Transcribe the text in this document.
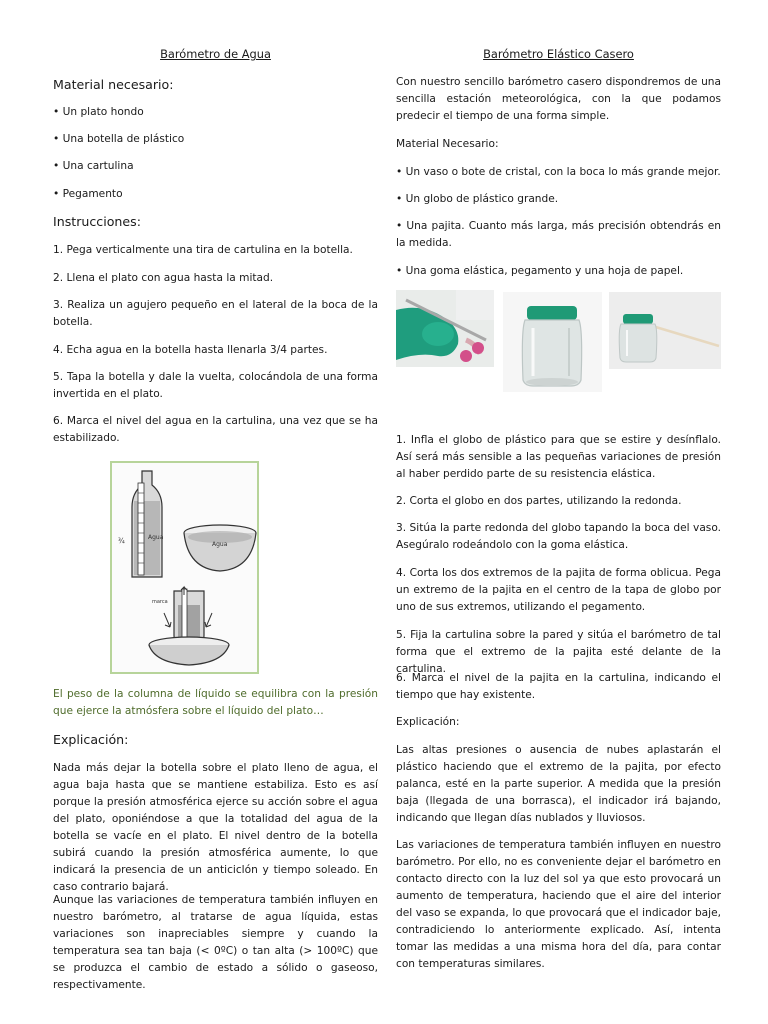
Barómetro de Agua
Material necesario:
• Un plato hondo
• Una botella de plástico
• Una cartulina
• Pegamento
Instrucciones:
1. Pega verticalmente una tira de cartulina en la botella.
2. Llena el plato con agua hasta la mitad.
3. Realiza un agujero pequeño en el lateral de la boca de la botella.
4. Echa agua en la botella hasta llenarla 3/4 partes.
5. Tapa la botella y dale la vuelta, colocándola de una forma invertida en el plato.
6. Marca el nivel del agua en la cartulina, una vez que se ha estabilizado.
Agua
¾	Agua
marca
El peso de la columna de líquido se equilibra con la presión que ejerce la atmósfera sobre el líquido del plato…
Explicación:
Nada más dejar la botella sobre el plato lleno de agua, el agua baja hasta que se mantiene estabiliza. Esto es así porque la presión atmosférica ejerce su acción sobre el agua del plato, oponiéndose a que la totalidad del agua de la botella se vacíe en el plato. El nivel dentro de la botella subirá cuando la presión atmosférica aumente, lo que indicará la presencia de un anticiclón y tiempo soleado. En caso contrario bajará.
Aunque las variaciones de temperatura también influyen en nuestro barómetro, al tratarse de agua líquida, estas variaciones son inapreciables siempre y cuando la temperatura sea tan baja (< 0ºC) o tan alta (> 100ºC) que se produzca el cambio de estado a sólido o gaseoso, respectivamente.
Barómetro Elástico Casero
Con nuestro sencillo barómetro casero dispondremos de una sencilla estación meteorológica, con la que podamos predecir el tiempo de una forma simple.
Material Necesario:
• Un vaso o bote de cristal, con la boca lo más grande mejor.
• Un globo de plástico grande.
• Una pajita. Cuanto más larga, más precisión obtendrás en la medida.
• Una goma elástica, pegamento y una hoja de papel.
1. Infla el globo de plástico para que se estire y desínflalo. Así será más sensible a las pequeñas variaciones de presión al haber perdido parte de su resistencia elástica.
2. Corta el globo en dos partes, utilizando la redonda.
3. Sitúa la parte redonda del globo tapando la boca del vaso. Asegúralo rodeándolo con la goma elástica.
4. Corta los dos extremos de la pajita de forma oblicua. Pega un extremo de la pajita en el centro de la tapa de globo por uno de sus extremos, utilizando el pegamento.
5. Fija la cartulina sobre la pared y sitúa el barómetro de tal forma que el extremo de la pajita esté delante de la cartulina.
6. Marca el nivel de la pajita en la cartulina, indicando el tiempo que hay existente.
Explicación:
Las altas presiones o ausencia de nubes aplastarán el plástico haciendo que el extremo de la pajita, por efecto palanca, esté en la parte superior. A medida que la presión baja (llegada de una borrasca), el indicador irá bajando, indicando que llegan días nublados y lluviosos.
Las variaciones de temperatura también influyen en nuestro barómetro. Por ello, no es conveniente dejar el barómetro en contacto directo con la luz del sol ya que esto provocará un aumento de temperatura, haciendo que el aire del interior del vaso se expanda, lo que provocará que el indicador baje, contradiciendo lo anteriormente explicado. Así, intenta tomar las medidas a una misma hora del día, para contar con temperaturas similares.
